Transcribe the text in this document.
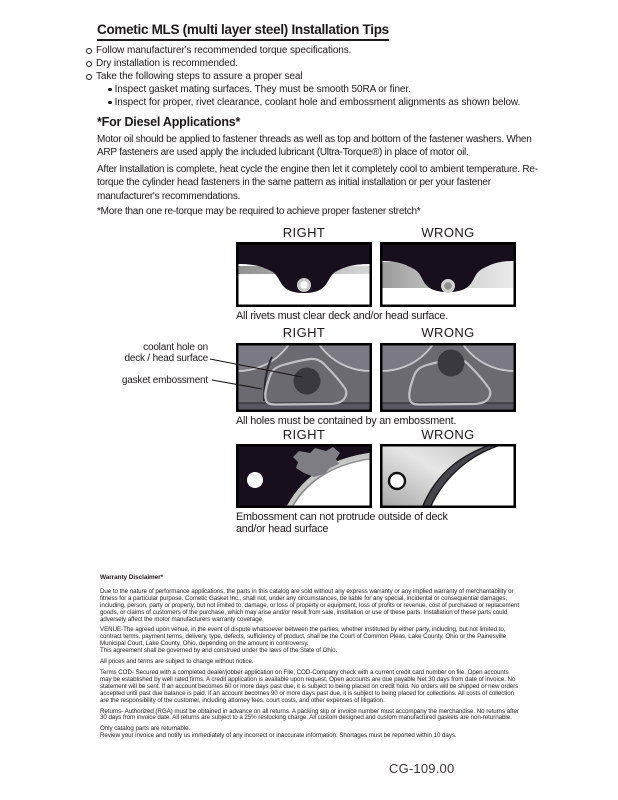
Cometic MLS (multi layer steel) Installation Tips
Follow manufacturer's recommended torque specifications.
Dry installation is recommended.
Take the following steps to assure a proper seal
Inspect gasket mating surfaces. They must be smooth 50RA or finer.
Inspect for proper, rivet clearance, coolant hole and embossment alignments as shown below.
*For Diesel Applications*
Motor oil should be applied to fastener threads as well as top and bottom of the fastener washers. When ARP fasteners are used apply the included lubricant (Ultra-Torque®) in place of motor oil.
After Installation is complete, heat cycle the engine then let it completely cool to ambient temperature. Re-torque the cylinder head fasteners in the same pattern as initial installation or per your fastener manufacturer's recommendations.
*More than one re-torque may be required to achieve proper fastener stretch*
RIGHT	WRONG
All rivets must clear deck and/or head surface.
coolant hole on
deck / head surface
gasket embossment
RIGHT	WRONG
All holes must be contained by an embossment.
RIGHT	WRONG
Embossment can not protrude outside of deck
and/or head surface
Warranty Disclaimer*

Due to the nature of performance applications, the parts in this catalog are sold without any express warranty or any implied warranty of merchantability or fitness for a particular purpose. Cometic Gasket Inc., shall not, under any circumstances, be liable for any special, incidental or consequential damages, including, person, party or property, but not limited to, damage, or loss of property or equipment, loss of profits or revenue, cost of purchased or replacement goods, or claims of customers of the purchase, which may arise and/or result from sale, instillation or use of these parts. Installation of these parts could adversely affect the motor manufacturers warranty coverage.

VENUE-The agreed upon venue, in the event of dispute whatsoever between the parties, whether instituted by either party, including, but not limited to, contract terms, payment terms, delivery, type, defects, sufficiency of product, shall be the Court of Common Pleas, Lake County, Ohio or the Painesville Municipal Court, Lake County, Ohio, depending on the amount in controversy.

This agreement shall be governed by and construed under the laws of the State of Ohio.

All prices and terms are subject to change without notice.

Terms COD- Secured with a completed dealer/jobber application on File, COD-Company check with a current credit card number on file. Open accounts may be established by well rated firms. A credit application is available upon request. Open accounts are due payable Net 30 days from date of invoice. No statement will be sent. If an account becomes 60 or more days past due, it is subject to being placed on credit hold. No orders will be shipped or new orders accepted until past due balance is paid. If an account becomes 90 or more days past due, it is subject to being placed for collections. All costs of collection are the responsibility of the customer, including attorney fees, court costs, and other expenses of litigation.

Returns- Authorized (RGA) must be obtained in advance on all returns. A packing slip or invoice number must accompany the merchandise. No returns after 30 days from invoice date. All returns are subject to a 25% restocking charge. All custom designed and custom manufactured gaskets are non-returnable.

Only catalog parts are returnable.

Review your invoice and notify us immediately of any incorrect or inaccurate information. Shortages must be reported within 10 days.

CG-109.00
